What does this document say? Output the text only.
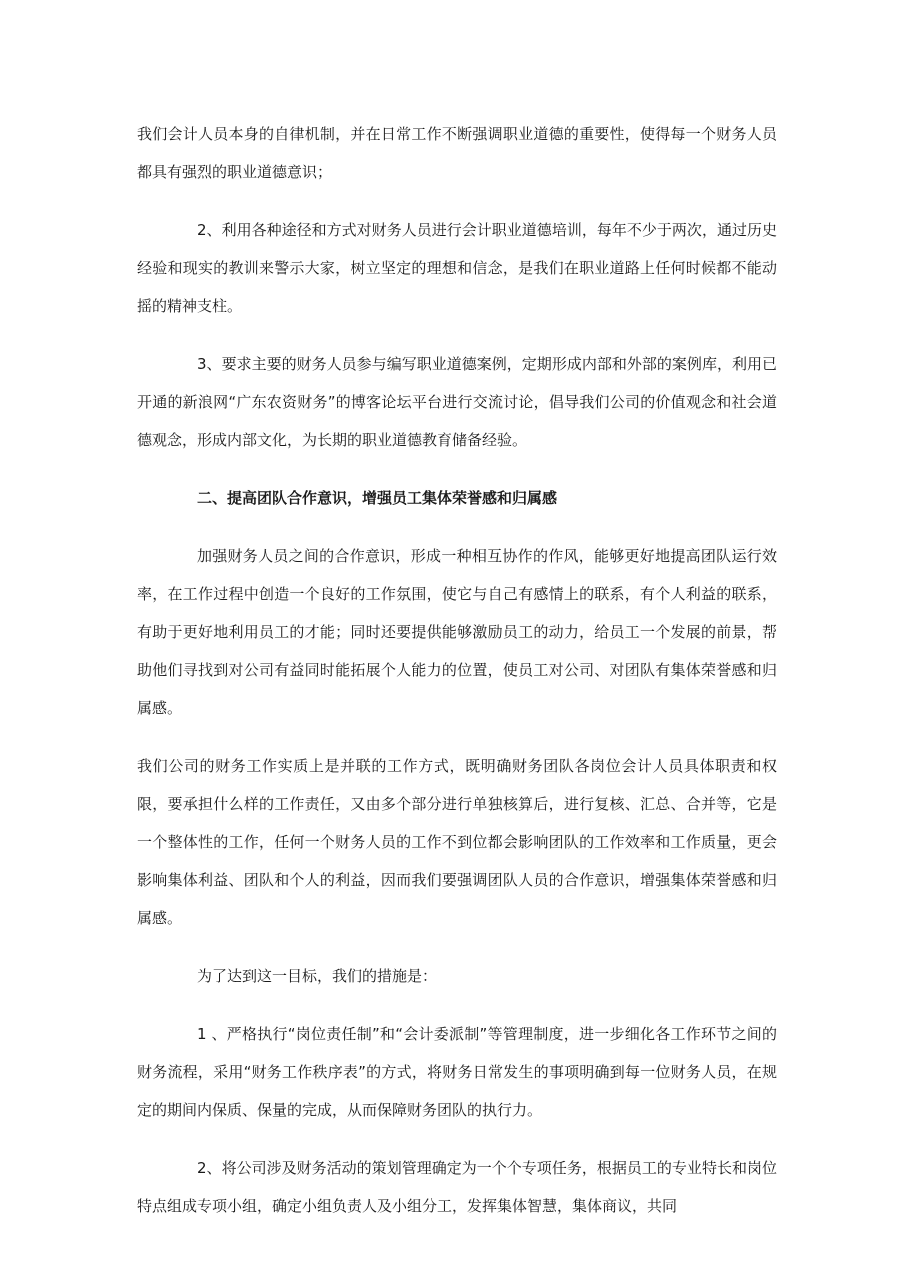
我们会计人员本身的自律机制，并在日常工作不断强调职业道德的重要性，使得每一个财务人员都具有强烈的职业道德意识；

2、利用各种途径和方式对财务人员进行会计职业道德培训，每年不少于两次，通过历史经验和现实的教训来警示大家，树立坚定的理想和信念，是我们在职业道路上任何时候都不能动摇的精神支柱。

3、要求主要的财务人员参与编写职业道德案例，定期形成内部和外部的案例库，利用已开通的新浪网“广东农资财务”的博客论坛平台进行交流讨论，倡导我们公司的价值观念和社会道德观念，形成内部文化，为长期的职业道德教育储备经验。

二、提高团队合作意识，增强员工集体荣誉感和归属感

加强财务人员之间的合作意识，形成一种相互协作的作风，能够更好地提高团队运行效率，在工作过程中创造一个良好的工作氛围，使它与自己有感情上的联系，有个人利益的联系，有助于更好地利用员工的才能；同时还要提供能够激励员工的动力，给员工一个发展的前景，帮助他们寻找到对公司有益同时能拓展个人能力的位置，使员工对公司、对团队有集体荣誉感和归属感。

我们公司的财务工作实质上是并联的工作方式，既明确财务团队各岗位会计人员具体职责和权限，要承担什么样的工作责任，又由多个部分进行单独核算后，进行复核、汇总、合并等，它是一个整体性的工作，任何一个财务人员的工作不到位都会影响团队的工作效率和工作质量，更会影响集体利益、团队和个人的利益，因而我们要强调团队人员的合作意识，增强集体荣誉感和归属感。

为了达到这一目标，我们的措施是：

1 、严格执行“岗位责任制”和“会计委派制”等管理制度，进一步细化各工作环节之间的财务流程，采用“财务工作秩序表”的方式，将财务日常发生的事项明确到每一位财务人员，在规定的期间内保质、保量的完成，从而保障财务团队的执行力。

2、将公司涉及财务活动的策划管理确定为一个个专项任务，根据员工的专业特长和岗位特点组成专项小组，确定小组负责人及小组分工，发挥集体智慧，集体商议，共同
